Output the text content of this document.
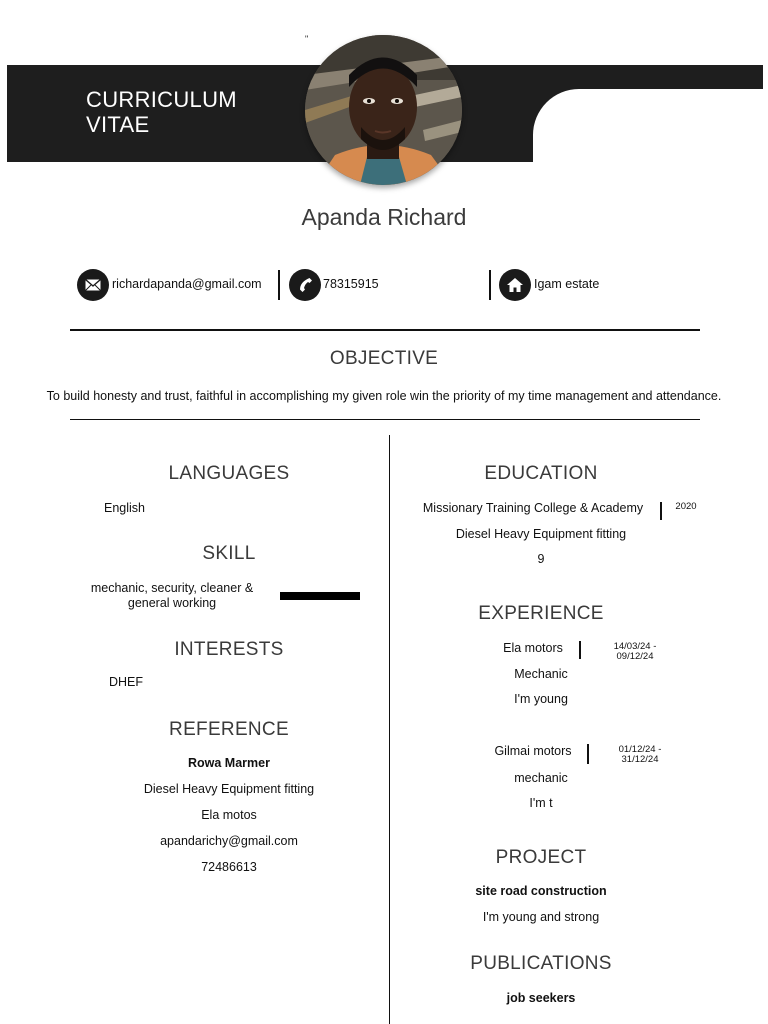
CURRICULUM
VITAE
"
Apanda Richard
richardapanda@gmail.com	78315915	Igam estate
OBJECTIVE
To build honesty and trust, faithful in accomplishing my given role win the priority of my time management and attendance.
LANGUAGES
English
SKILL
mechanic, security, cleaner &
general working
INTERESTS
DHEF
REFERENCE
Rowa Marmer
Diesel Heavy Equipment fitting
Ela motos
apandarichy@gmail.com
72486613
EDUCATION
Missionary Training College & Academy	2020
Diesel Heavy Equipment fitting
9
EXPERIENCE
Ela motors	14/03/24 -
09/12/24
Mechanic
I'm young
Gilmai motors	01/12/24 -
31/12/24
mechanic
I'm t
PROJECT
site road construction
I'm young and strong
PUBLICATIONS
job seekers
